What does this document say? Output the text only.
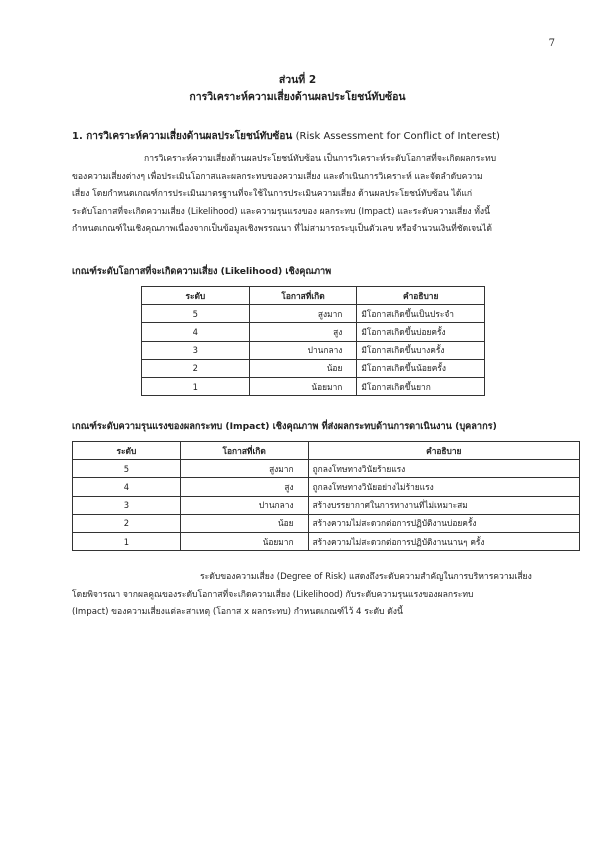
7
ส่วนที่ 2
การวิเคราะห์ความเสี่ยงด้านผลประโยชน์ทับซ้อน
1. การวิเคราะห์ความเสี่ยงด้านผลประโยชน์ทับซ้อน (Risk Assessment for Conflict of Interest)
การวิเคราะห์ความเสี่ยงด้านผลประโยชน์ทับซ้อน เป็นการวิเคราะห์ระดับโอกาสที่จะเกิดผลกระทบ
ของความเสี่ยงต่างๆ เพื่อประเมินโอกาสและผลกระทบของความเสี่ยง และดำเนินการวิเคราะห์ และจัดลำดับความ
เสี่ยง โดยกำหนดเกณฑ์การประเมินมาตรฐานที่จะใช้ในการประเมินความเสี่ยง ด้านผลประโยชน์ทับซ้อน ได้แก่
ระดับโอกาสที่จะเกิดความเสี่ยง (Likelihood) และความรุนแรงของ ผลกระทบ (Impact) และระดับความเสี่ยง ทั้งนี้
กำหนดเกณฑ์ในเชิงคุณภาพเนื่องจากเป็นข้อมูลเชิงพรรณนา ที่ไม่สามารถระบุเป็นตัวเลข หรือจำนวนเงินที่ชัดเจนได้
เกณฑ์ระดับโอกาสที่จะเกิดความเสี่ยง (Likelihood) เชิงคุณภาพ
ระดับ	โอกาสที่เกิด	คำอธิบาย
5	สูงมาก	มีโอกาสเกิดขึ้นเป็นประจำ
4	สูง	มีโอกาสเกิดขึ้นบ่อยครั้ง
3	ปานกลาง	มีโอกาสเกิดขึ้นบางครั้ง
2	น้อย	มีโอกาสเกิดขึ้นน้อยครั้ง
1	น้อยมาก	มีโอกาสเกิดขึ้นยาก
เกณฑ์ระดับความรุนแรงของผลกระทบ (Impact) เชิงคุณภาพ ที่ส่งผลกระทบด้านการดาเนินงาน (บุคลากร)
ระดับ	โอกาสที่เกิด	คำอธิบาย
5	สูงมาก	ถูกลงโทษทางวินัยร้ายแรง
4	สูง	ถูกลงโทษทางวินัยอย่างไม่ร้ายแรง
3	ปานกลาง	สร้างบรรยากาศในการทางานที่ไม่เหมาะสม
2	น้อย	สร้างความไม่สะดวกต่อการปฏิบัติงานบ่อยครั้ง
1	น้อยมาก	สร้างความไม่สะดวกต่อการปฏิบัติงานนานๆ ครั้ง
ระดับของความเสี่ยง (Degree of Risk) แสดงถึงระดับความสำคัญในการบริหารความเสี่ยง
โดยพิจารณา จากผลคูณของระดับโอกาสที่จะเกิดความเสี่ยง (Likelihood) กับระดับความรุนแรงของผลกระทบ
(Impact) ของความเสี่ยงแต่ละสาเหตุ (โอกาส x ผลกระทบ) กำหนดเกณฑ์ไว้ 4 ระดับ ดังนี้
